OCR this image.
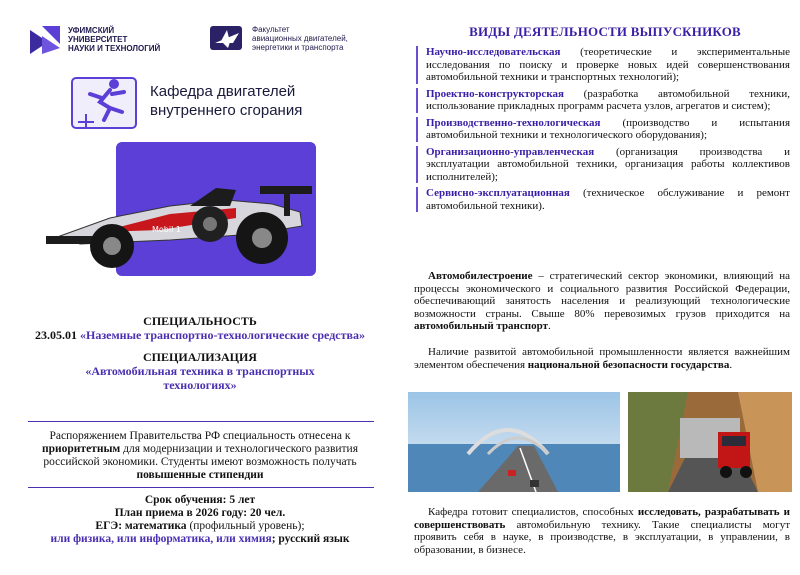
УФИМСКИЙ
УНИВЕРСИТЕТ
НАУКИ И ТЕХНОЛОГИЙ
Факультет
авиационных двигателей,
энергетики и транспорта
Кафедра двигателей внутреннего сгорания
Mobil 1
СПЕЦИАЛЬНОСТЬ
23.05.01 «Наземные транспортно-технологические средства»
СПЕЦИАЛИЗАЦИЯ
«Автомобильная техника в транспортных технологиях»
Распоряжением Правительства РФ специальность отнесена к приоритетным для модернизации и технологического развития российской экономики. Студенты имеют возможность получать повышенные стипендии
Срок обучения: 5 лет
План приема в 2026 году: 20 чел.
ЕГЭ: математика (профильный уровень);
или физика, или информатика, или химия; русский язык
ВИДЫ ДЕЯТЕЛЬНОСТИ ВЫПУСКНИКОВ
Научно-исследовательская (теоретические и экспериментальные исследования по поиску и проверке новых идей совершенствования автомобильной техники и транспортных технологий);
Проектно-конструкторская (разработка автомобильной техники, использование прикладных программ расчета узлов, агрегатов и систем);
Производственно-технологическая (производство и испытания автомобильной техники и технологического оборудования);
Организационно-управленческая (организация производства и эксплуатации автомобильной техники, организация работы коллективов исполнителей);
Сервисно-эксплуатационная (техническое обслуживание и ремонт автомобильной техники).
Автомобилестроение – стратегический сектор экономики, влияющий на процессы экономического и социального развития Российской Федерации, обеспечивающий занятость населения и реализующий технологические возможности страны. Свыше 80% перевозимых грузов приходится на автомобильный транспорт.
Наличие развитой автомобильной промышленности является важнейшим элементом обеспечения национальной безопасности государства.
Кафедра готовит специалистов, способных исследовать, разрабатывать и совершенствовать автомобильную технику. Такие специалисты могут проявить себя в науке, в производстве, в эксплуатации, в управлении, в образовании, в бизнесе.
